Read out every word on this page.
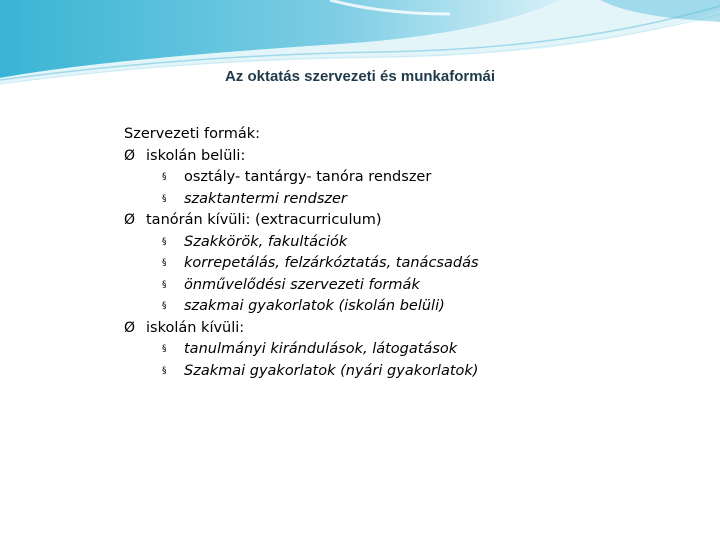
Az oktatás szervezeti és munkaformái
Szervezeti formák:
Ø iskolán belüli:
§ osztály- tantárgy- tanóra rendszer
§ szaktantermi rendszer
Ø tanórán kívüli: (extracurriculum)
§ Szakkörök, fakultációk
§ korrepetálás, felzárkóztatás, tanácsadás
§ önművelődési szervezeti formák
§ szakmai gyakorlatok (iskolán belüli)
Ø iskolán kívüli:
§ tanulmányi kirándulások, látogatások
§ Szakmai gyakorlatok (nyári gyakorlatok)
